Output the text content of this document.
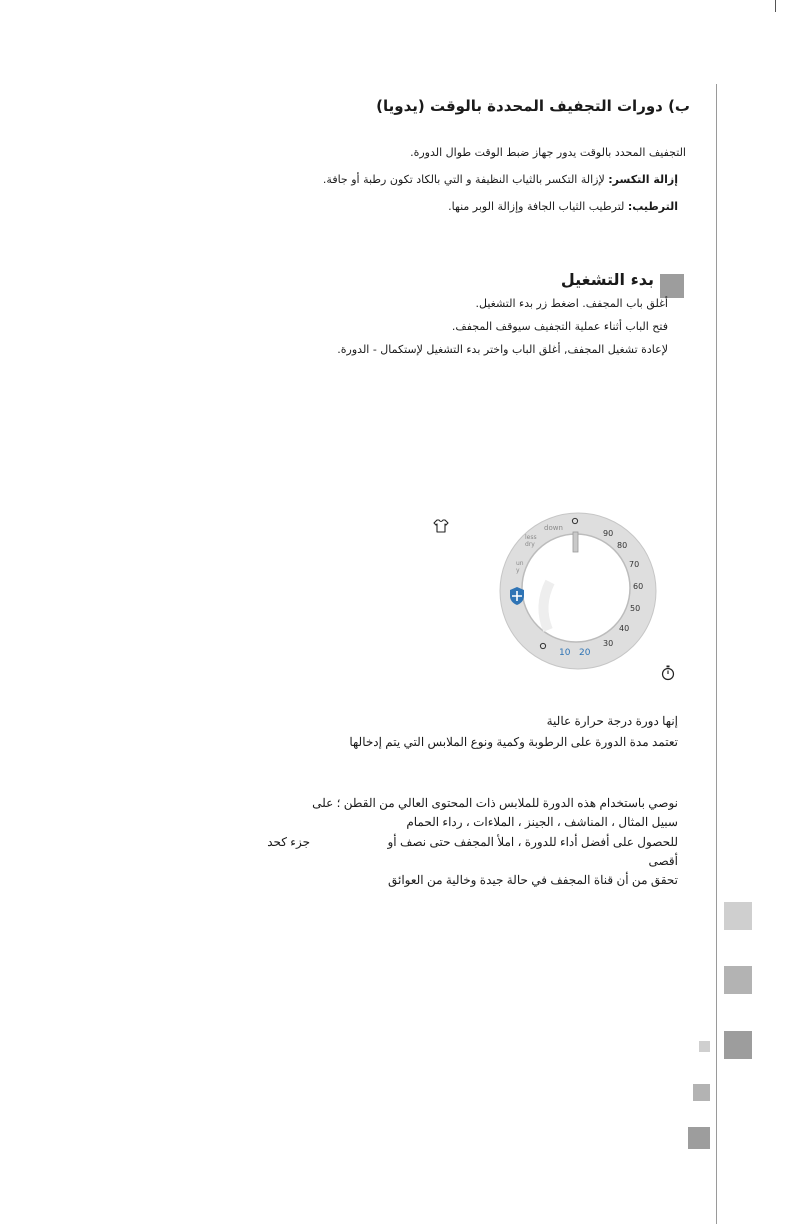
ب) دورات التجفيف المحددة بالوقت (يدويا)
التجفيف المحدد بالوقت يدور جهاز ضبط الوقت طوال الدورة.
إزالة التكسر: لإزالة التكسر بالثياب النظيفة و التي بالكاد تكون رطبة أو جافة.
الترطيب: لترطيب الثياب الجافة وإزالة الوبر منها.
بدء التشغيل
أغلق باب المجفف. اضغط زر بدء التشغيل.
فتح الباب أثناء عملية التجفيف سيوقف المجفف.
لإعادة تشغيل المجفف, أغلق الباب واختر بدء التشغيل لإستكمال - الدورة.
down
less
dry
un
y
90
80
70
60
50
40
30
10 20
إنها دورة درجة حرارة عالية
تعتمد مدة الدورة على الرطوبة وكمية ونوع الملابس التي يتم إدخالها
نوصي باستخدام هذه الدورة للملابس ذات المحتوى العالي من القطن ؛ على
سبيل المثال ، المناشف ، الجينز ، الملاءات ، رداء الحمام
للحصول على أفضل أداء للدورة ، املأ المجفف حتى نصف أو
جزء كحد
أقصى
تحقق من أن قناة المجفف في حالة جيدة وخالية من العوائق
